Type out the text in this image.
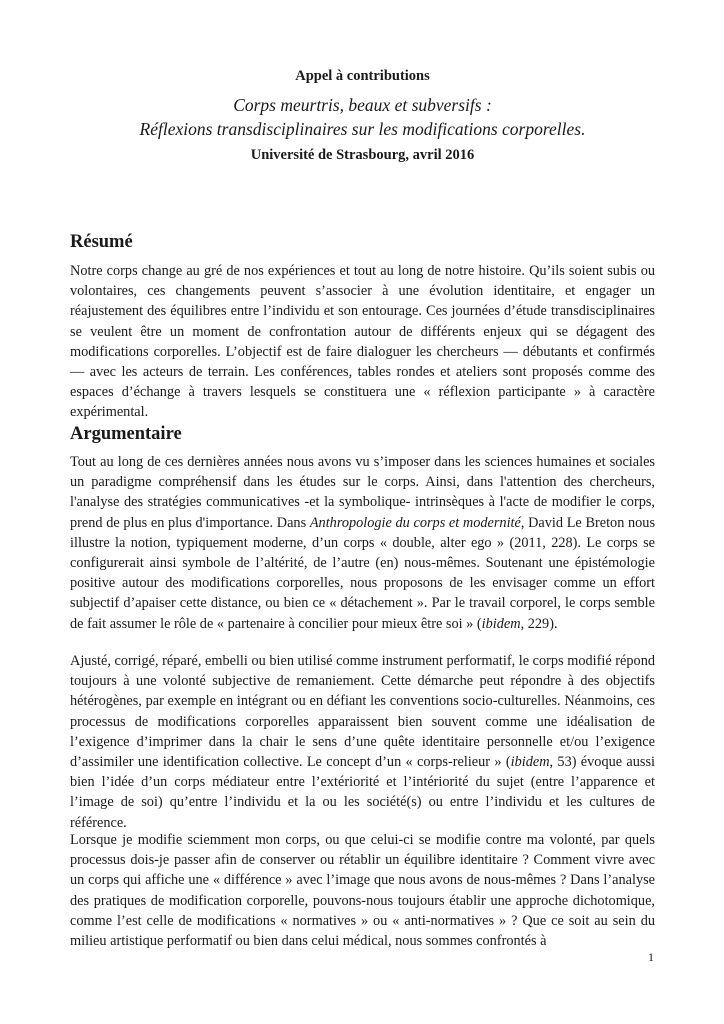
Appel à contributions
Corps meurtris, beaux et subversifs :
Réflexions transdisciplinaires sur les modifications corporelles.
Université de Strasbourg, avril 2016
Résumé

Notre corps change au gré de nos expériences et tout au long de notre histoire. Qu’ils soient subis ou volontaires, ces changements peuvent s’associer à une évolution identitaire, et engager un réajustement des équilibres entre l’individu et son entourage. Ces journées d’étude transdisciplinaires se veulent être un moment de confrontation autour de différents enjeux qui se dégagent des modifications corporelles. L’objectif est de faire dialoguer les chercheurs — débutants et confirmés — avec les acteurs de terrain. Les conférences, tables rondes et ateliers sont proposés comme des espaces d’échange à travers lesquels se constituera une « réflexion participante » à caractère expérimental.

Argumentaire

Tout au long de ces dernières années nous avons vu s’imposer dans les sciences humaines et sociales un paradigme compréhensif dans les études sur le corps. Ainsi, dans l'attention des chercheurs, l'analyse des stratégies communicatives -et la symbolique- intrinsèques à l'acte de modifier le corps, prend de plus en plus d'importance. Dans Anthropologie du corps et modernité, David Le Breton nous illustre la notion, typiquement moderne, d’un corps « double, alter ego » (2011, 228). Le corps se configurerait ainsi symbole de l’altérité, de l’autre (en) nous-mêmes. Soutenant une épistémologie positive autour des modifications corporelles, nous proposons de les envisager comme un effort subjectif d’apaiser cette distance, ou bien ce « détachement ». Par le travail corporel, le corps semble de fait assumer le rôle de « partenaire à concilier pour mieux être soi » (ibidem, 229).

Ajusté, corrigé, réparé, embelli ou bien utilisé comme instrument performatif, le corps modifié répond toujours à une volonté subjective de remaniement. Cette démarche peut répondre à des objectifs hétérogènes, par exemple en intégrant ou en défiant les conventions socio-culturelles. Néanmoins, ces processus de modifications corporelles apparaissent bien souvent comme une idéalisation de l’exigence d’imprimer dans la chair le sens d’une quête identitaire personnelle et/ou l’exigence d’assimiler une identification collective. Le concept d’un « corps-relieur » (ibidem, 53) évoque aussi bien l’idée d’un corps médiateur entre l’extériorité et l’intériorité du sujet (entre l’apparence et l’image de soi) qu’entre l’individu et la ou les société(s) ou entre l’individu et les cultures de référence.

Lorsque je modifie sciemment mon corps, ou que celui-ci se modifie contre ma volonté, par quels processus dois-je passer afin de conserver ou rétablir un équilibre identitaire ? Comment vivre avec un corps qui affiche une « différence » avec l’image que nous avons de nous-mêmes ? Dans l’analyse des pratiques de modification corporelle, pouvons-nous toujours établir une approche dichotomique, comme l’est celle de modifications « normatives » ou « anti-normatives » ? Que ce soit au sein du milieu artistique performatif ou bien dans celui médical, nous sommes confrontés à

1
